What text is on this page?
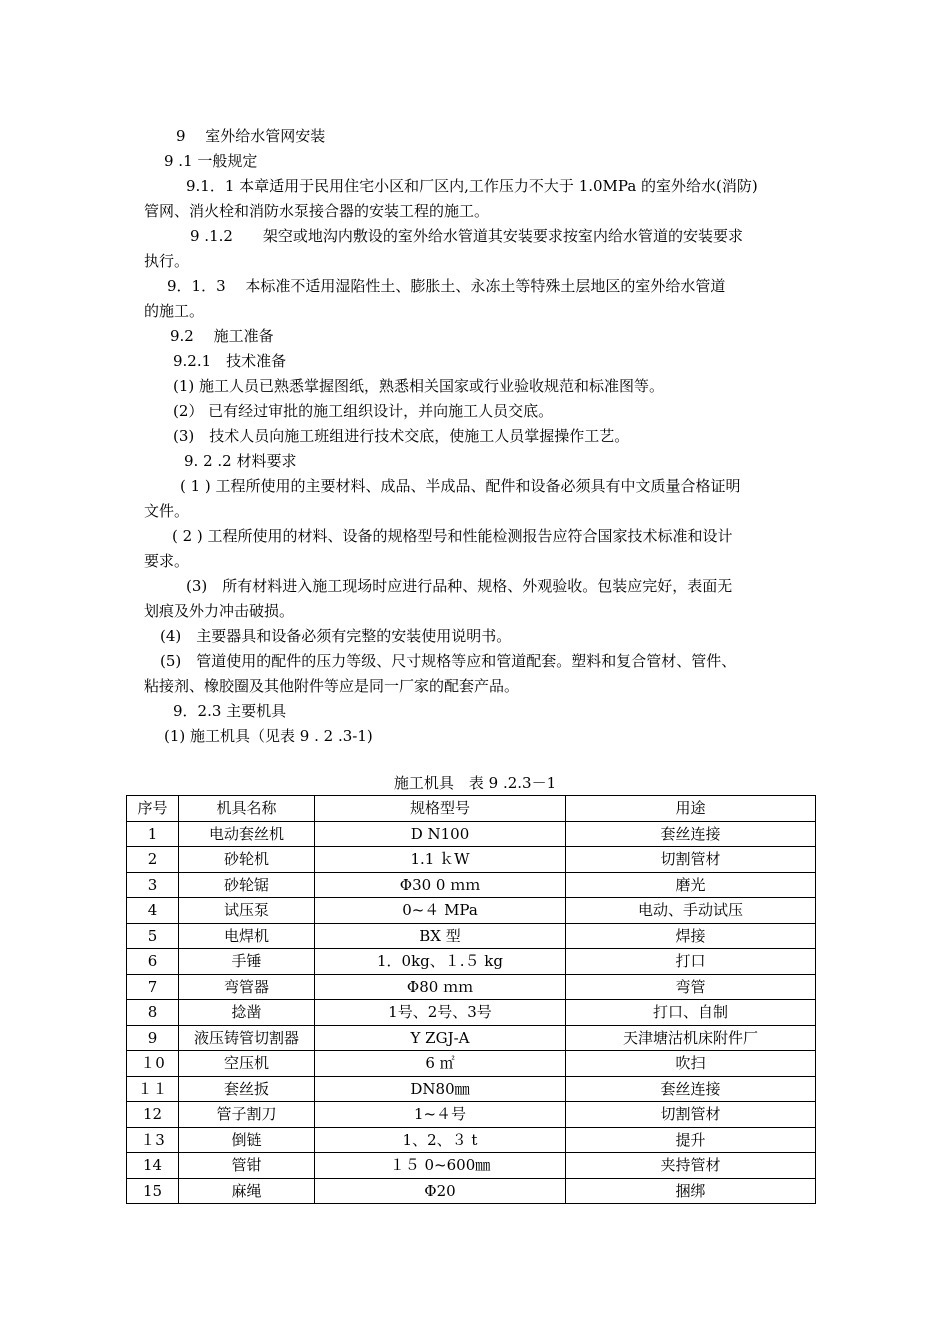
9　 室外给水管网安装

9 .1 一般规定

9.1．1 本章适用于民用住宅小区和厂区内,工作压力不大于 1.0MPa 的室外给水(消防)

管网、消火栓和消防水泵接合器的安装工程的施工。

9 .1.2　　架空或地沟内敷设的室外给水管道其安装要求按室内给水管道的安装要求

执行。

9．1．3　 本标准不适用湿陷性土、膨胀土、永冻土等特殊土层地区的室外给水管道

的施工。

9.2　 施工准备

9.2.1　技术准备

(1) 施工人员已熟悉掌握图纸，熟悉相关国家或行业验收规范和标准图等。

(2） 已有经过审批的施工组织设计，并向施工人员交底。

(3)　技术人员向施工班组进行技术交底，使施工人员掌握操作工艺。

9. 2 .2 材料要求

( 1 ) 工程所使用的主要材料、成品、半成品、配件和设备必须具有中文质量合格证明

文件。

( 2 ) 工程所使用的材料、设备的规格型号和性能检测报告应符合国家技术标准和设计

要求。

(3)　所有材料进入施工现场时应进行品种、规格、外观验收。包装应完好，表面无

划痕及外力冲击破损。

(4)　主要器具和设备必须有完整的安装使用说明书。

(5)　管道使用的配件的压力等级、尺寸规格等应和管道配套。塑料和复合管材、管件、

粘接剂、橡胶圈及其他附件等应是同一厂家的配套产品。

9．2.3 主要机具

(1) 施工机具（见表 9 . 2 .3-1)

施工机具　表 9 .2.3－1
序号	机具名称	规格型号	用途
1	电动套丝机	D N100	套丝连接
2	砂轮机	1.1 ｋW	切割管材
3	砂轮锯	Φ30 0 ｍｍ	磨光
4	试压泵	0~４ MPa	电动、手动试压
5	电焊机	BX 型	焊接
6	手锤	1．0kg、１.５ kg	打口
7	弯管器	Φ80 ｍｍ	弯管
8	捻凿	1号、2号、3号	打口、自制
9	液压铸管切割器	Y ZGJ-A	天津塘沽机床附件厂
１0	空压机	6 ㎡	吹扫
１１	套丝扳	DN80㎜	套丝连接
12	管子割刀	1~４号	切割管材
１3	倒链	1、2、３ t	提升
14	管钳	１５ 0~600㎜	夹持管材
15	麻绳	Φ20	捆绑
